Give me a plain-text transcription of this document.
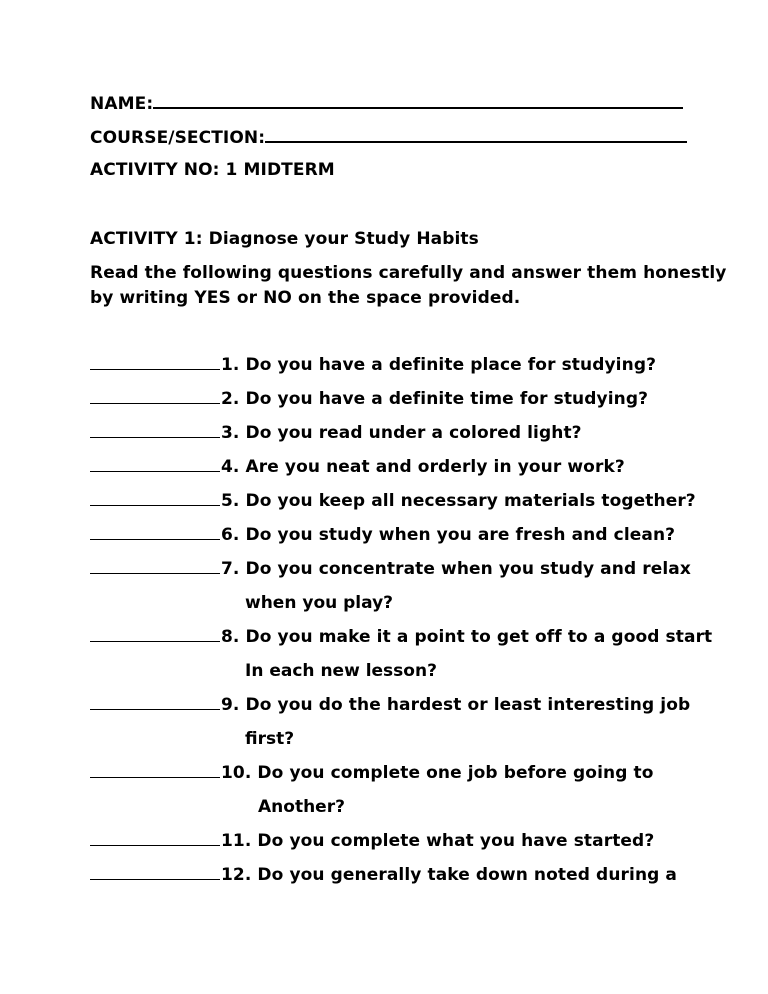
NAME:
COURSE/SECTION:
ACTIVITY NO: 1 MIDTERM
ACTIVITY 1: Diagnose your Study Habits
Read the following questions carefully and answer them honestly
by writing YES or NO on the space provided.
1. Do you have a definite place for studying?
2. Do you have a definite time for studying?
3. Do you read under a colored light?
4. Are you neat and orderly in your work?
5. Do you keep all necessary materials together?
6. Do you study when you are fresh and clean?
7. Do you concentrate when you study and relax
when you play?
8. Do you make it a point to get off to a good start
In each new lesson?
9. Do you do the hardest or least interesting job
first?
10. Do you complete one job before going to
Another?
11. Do you complete what you have started?
12. Do you generally take down noted during a
